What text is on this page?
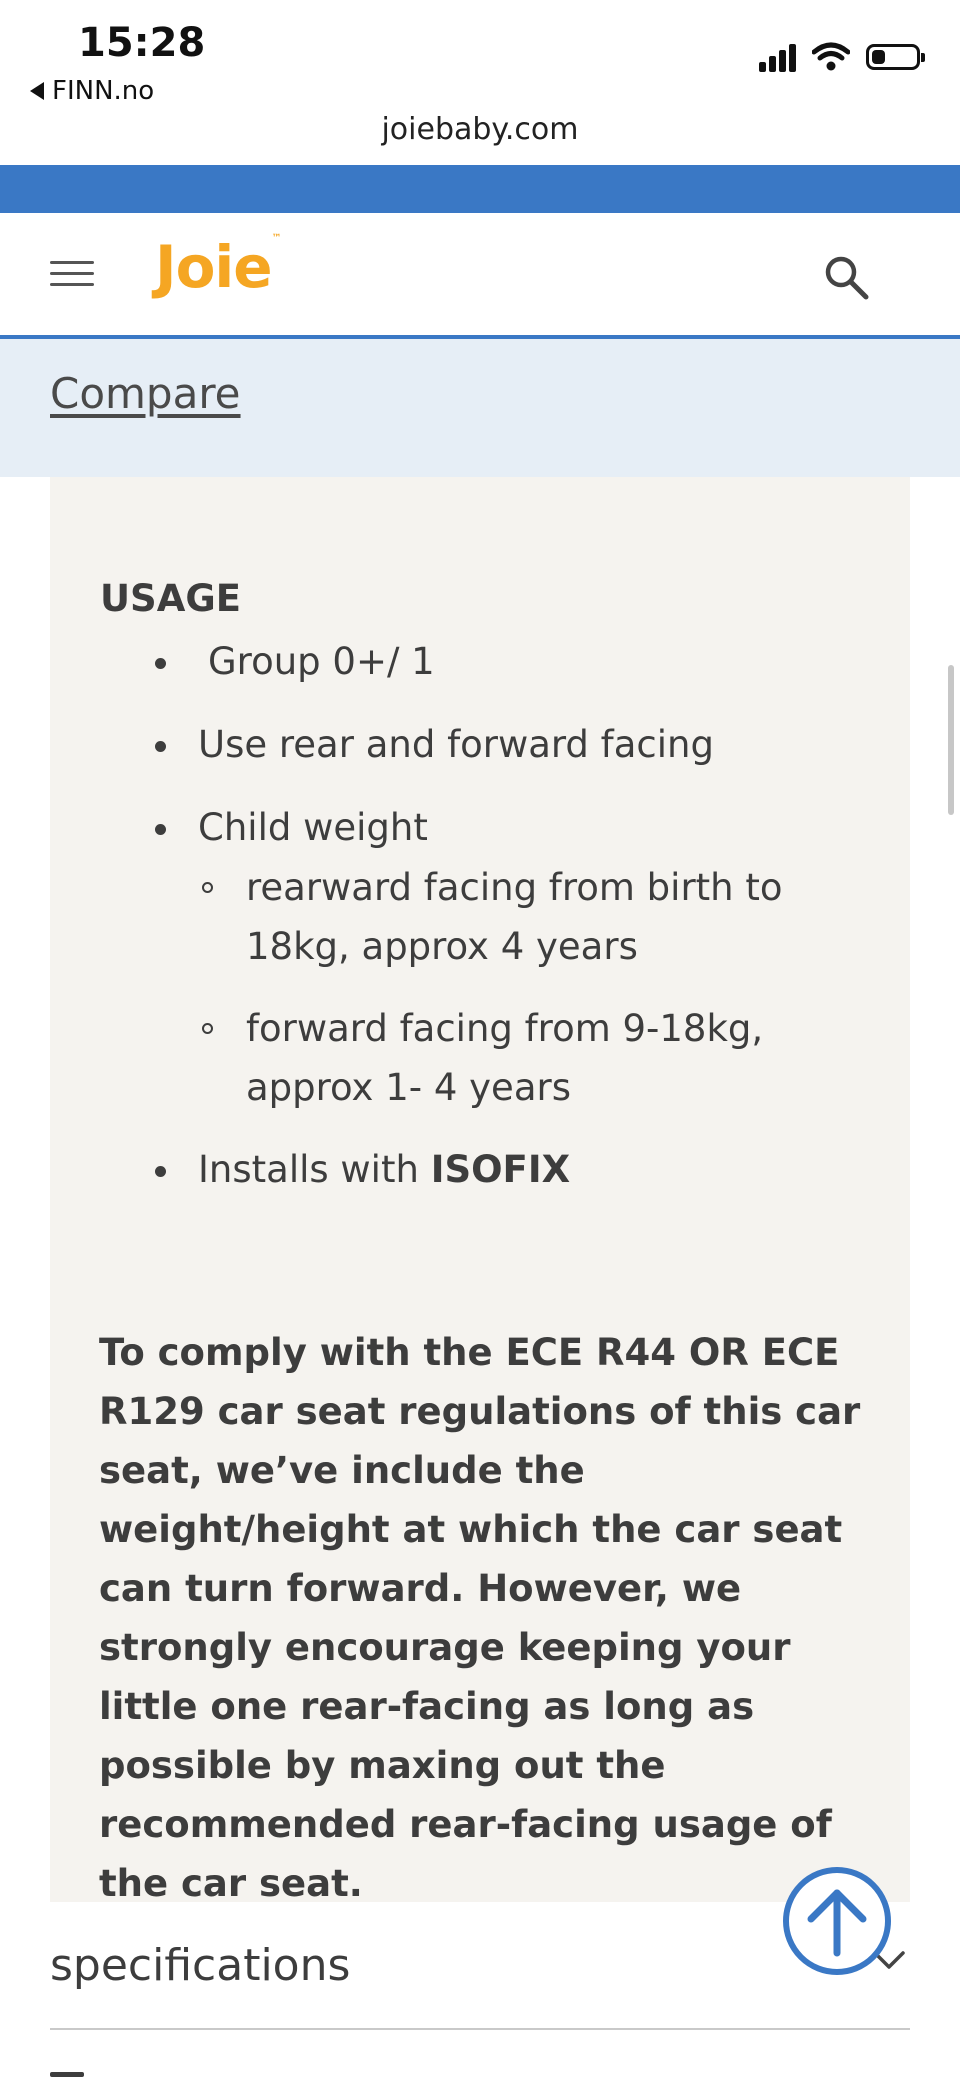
15:28
FINN.no
joiebaby.com
Joie™
Compare
USAGE
Group 0+/ 1
Use rear and forward facing
Child weight
rearward facing from birth to 18kg, approx 4 years
forward facing from 9-18kg, approx 1- 4 years
Installs with ISOFIX

To comply with the ECE R44 OR ECE R129 car seat regulations of this car seat, we’ve include the weight/height at which the car seat can turn forward. However, we strongly encourage keeping your little one rear-facing as long as possible by maxing out the recommended rear-facing usage of the car seat.

specifications
